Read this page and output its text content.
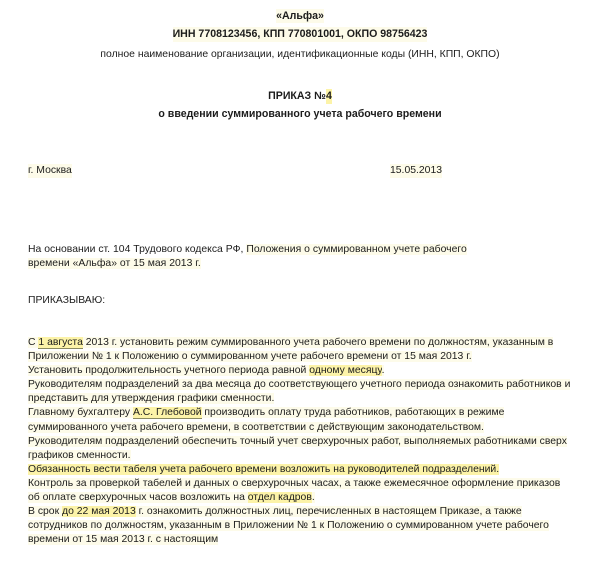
«Альфа»
ИНН 7708123456, КПП 770801001, ОКПО 98756423
полное наименование организации, идентификационные коды (ИНН, КПП, ОКПО)
ПРИКАЗ №4
о введении суммированного учета рабочего времени
г. Москва	15.05.2013
На основании ст. 104 Трудового кодекса РФ, Положения о суммированном учете рабочего
времени «Альфа» от 15 мая 2013 г.
ПРИКАЗЫВАЮ:

С 1 августа 2013 г. установить режим суммированного учета рабочего времени по должностям, указанным в Приложении № 1 к Положению о суммированном учете рабочего времени от 15 мая 2013 г.

Установить продолжительность учетного периода равной одному месяцу.

Руководителям подразделений за два месяца до соответствующего учетного периода ознакомить работников и представить для утверждения графики сменности.

Главному бухгалтеру А.С. Глебовой производить оплату труда работников, работающих в режиме суммированного учета рабочего времени, в соответствии с действующим законодательством.

Руководителям подразделений обеспечить точный учет сверхурочных работ, выполняемых работниками сверх графиков сменности.

Обязанность вести табеля учета рабочего времени возложить на руководителей подразделений.

Контроль за проверкой табелей и данных о сверхурочных часах, а также ежемесячное оформление приказов об оплате сверхурочных часов возложить на отдел кадров.

В срок до 22 мая 2013 г. ознакомить должностных лиц, перечисленных в настоящем Приказе, а также сотрудников по должностям, указанным в Приложении № 1 к Положению о суммированном учете рабочего времени от 15 мая 2013 г. с настоящим
